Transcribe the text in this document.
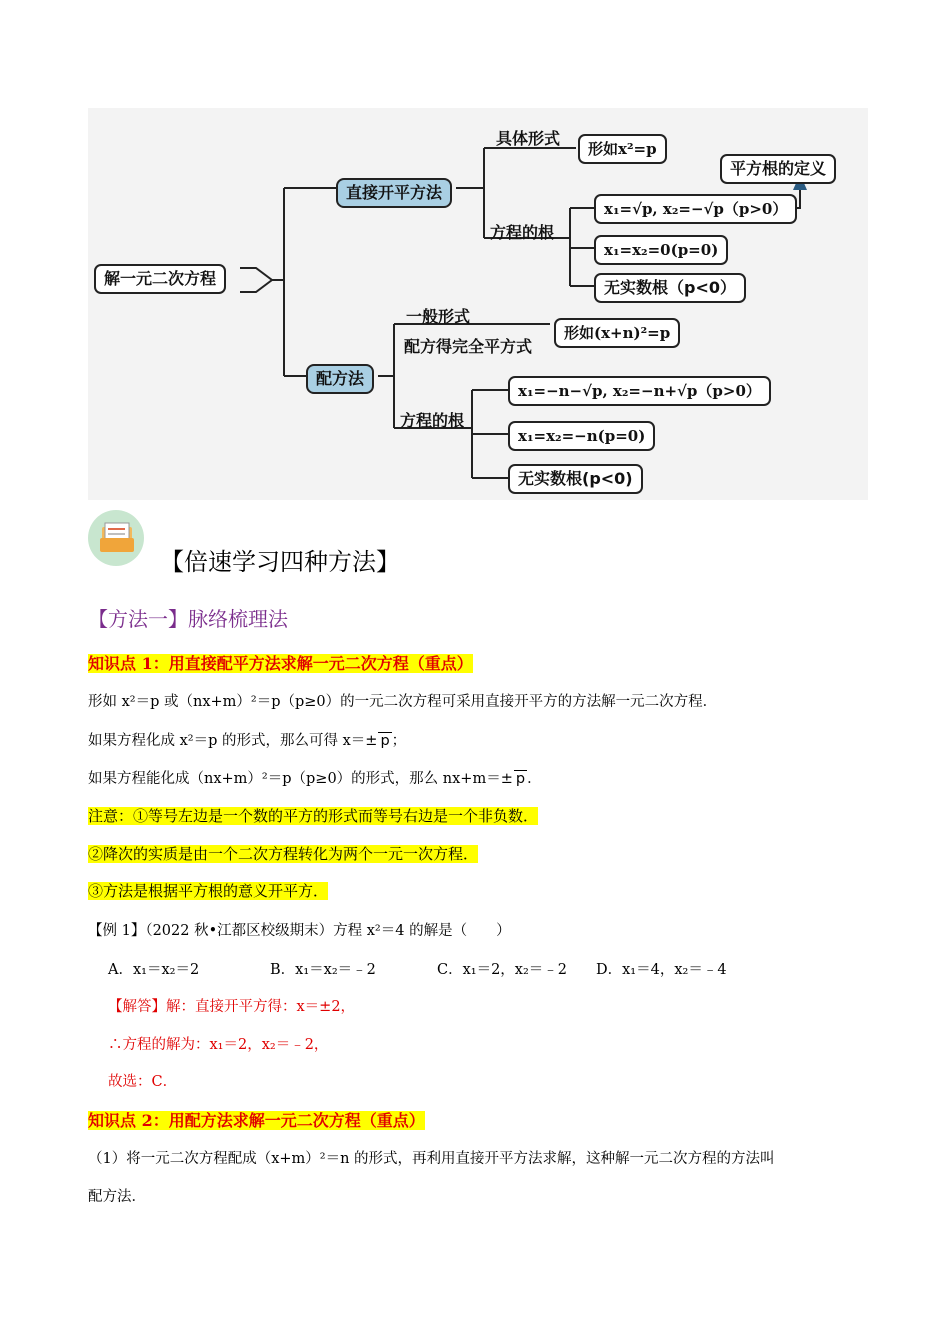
解一元二次方程
直接开平方法
具体形式
形如x²=p
平方根的定义
方程的根
x₁=√p, x₂=−√p（p>0）
x₁=x₂=0(p=0)
无实数根（p<0）
配方法
一般形式
配方得完全平方式
形如(x+n)²=p
方程的根
x₁=−n−√p, x₂=−n+√p（p>0）
x₁=x₂=−n(p=0)
无实数根(p<0)
【倍速学习四种方法】
【方法一】脉络梳理法
知识点 1：用直接配平方法求解一元二次方程（重点）
形如 x²＝p 或（nx+m）²＝p（p≥0）的一元二次方程可采用直接开平方的方法解一元二次方程．
如果方程化成 x²＝p 的形式，那么可得 x＝± p ；
如果方程能化成（nx+m）²＝p（p≥0）的形式，那么 nx+m＝± p ．
注意：①等号左边是一个数的平方的形式而等号右边是一个非负数．
②降次的实质是由一个二次方程转化为两个一元一次方程．
③方法是根据平方根的意义开平方．
【例 1】（2022 秋•江都区校级期末）方程 x²＝4 的解是（　　）
A．x₁＝x₂＝2	B．x₁＝x₂＝﹣2	C．x₁＝2，x₂＝﹣2 D．x₁＝4，x₂＝﹣4
【解答】解：直接开平方得：x＝±2，
∴方程的解为：x₁＝2，x₂＝﹣2，
故选：C．
知识点 2：用配方法求解一元二次方程（重点）
（1）将一元二次方程配成（x+m）²＝n 的形式，再利用直接开平方法求解，这种解一元二次方程的方法叫
配方法．
